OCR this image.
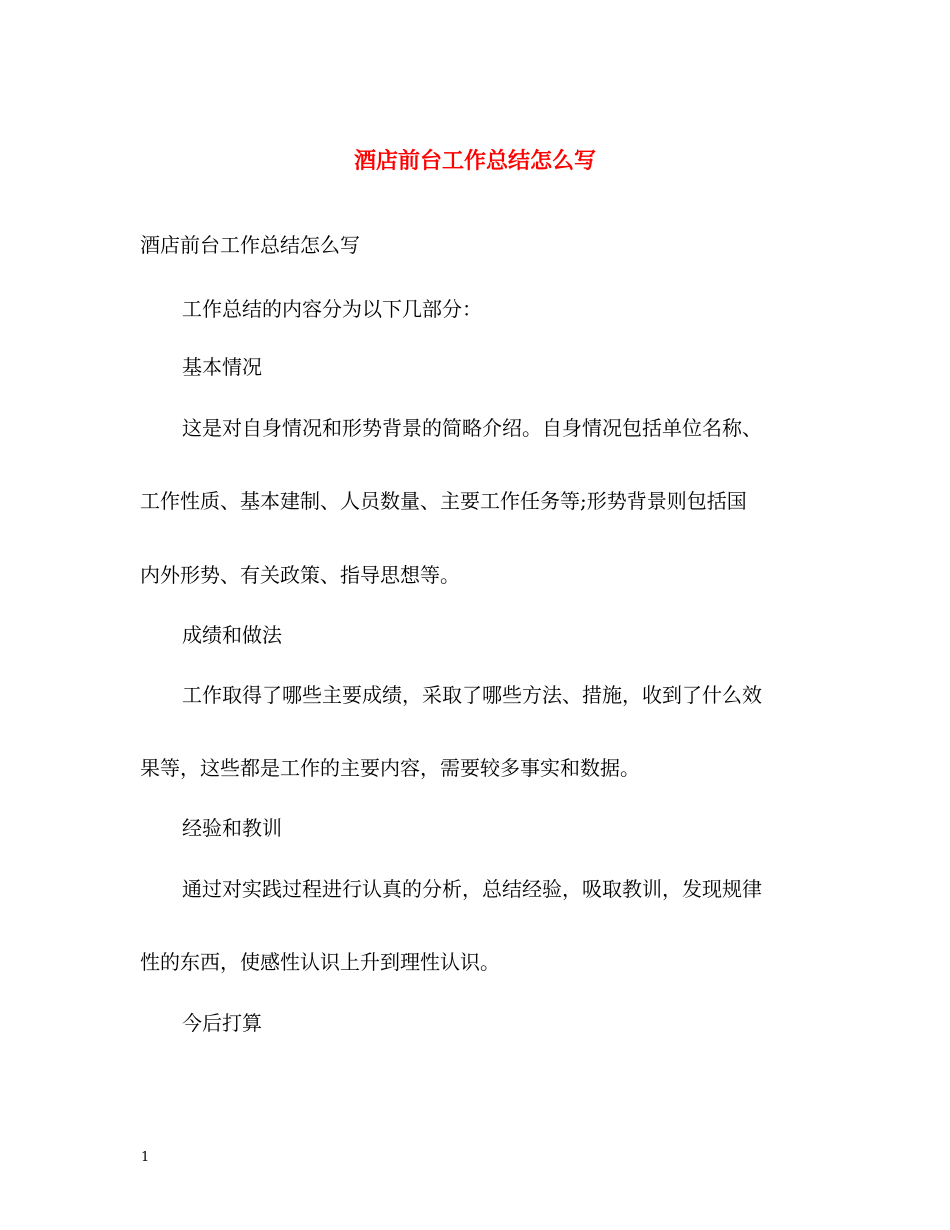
酒店前台工作总结怎么写
酒店前台工作总结怎么写
工作总结的内容分为以下几部分：
基本情况
这是对自身情况和形势背景的简略介绍。自身情况包括单位名称、
工作性质、基本建制、人员数量、主要工作任务等;形势背景则包括国
内外形势、有关政策、指导思想等。
成绩和做法
工作取得了哪些主要成绩，采取了哪些方法、措施，收到了什么效
果等，这些都是工作的主要内容，需要较多事实和数据。
经验和教训
通过对实践过程进行认真的分析，总结经验，吸取教训，发现规律
性的东西，使感性认识上升到理性认识。
今后打算
1
